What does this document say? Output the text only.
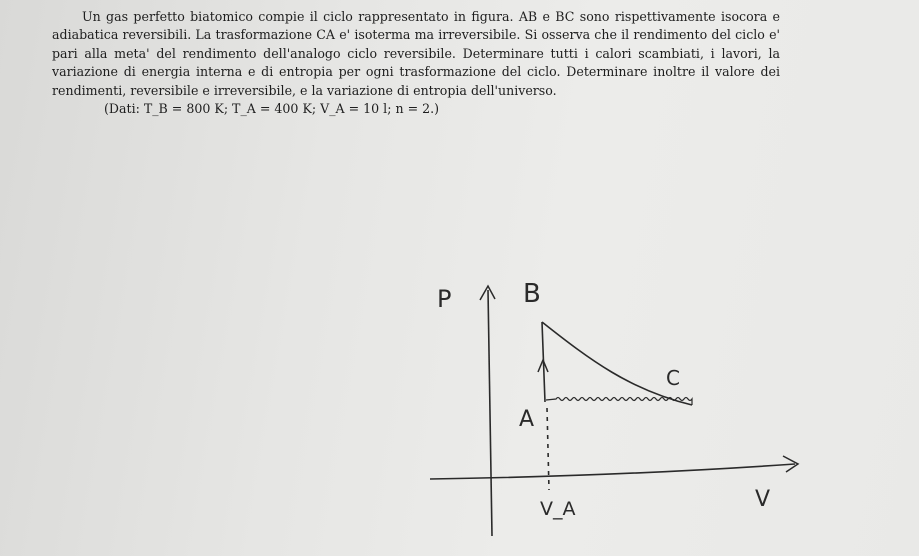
Un gas perfetto biatomico compie il ciclo rappresentato in figura. AB e BC sono rispettivamente isocora e adiabatica reversibili. La trasformazione CA e' isoterma ma irreversibile. Si osserva che il rendimento del ciclo e' pari alla meta' del rendimento dell'analogo ciclo reversibile. Determinare tutti i calori scambiati, i lavori, la variazione di energia interna e di entropia per ogni trasformazione del ciclo. Determinare inoltre il valore dei rendimenti, reversibile e irreversibile, e la variazione di entropia dell'universo.

(Dati: T_B = 800 K; T_A = 400 K; V_A = 10 l; n = 2.)

P	B
C
A
V_A	V
